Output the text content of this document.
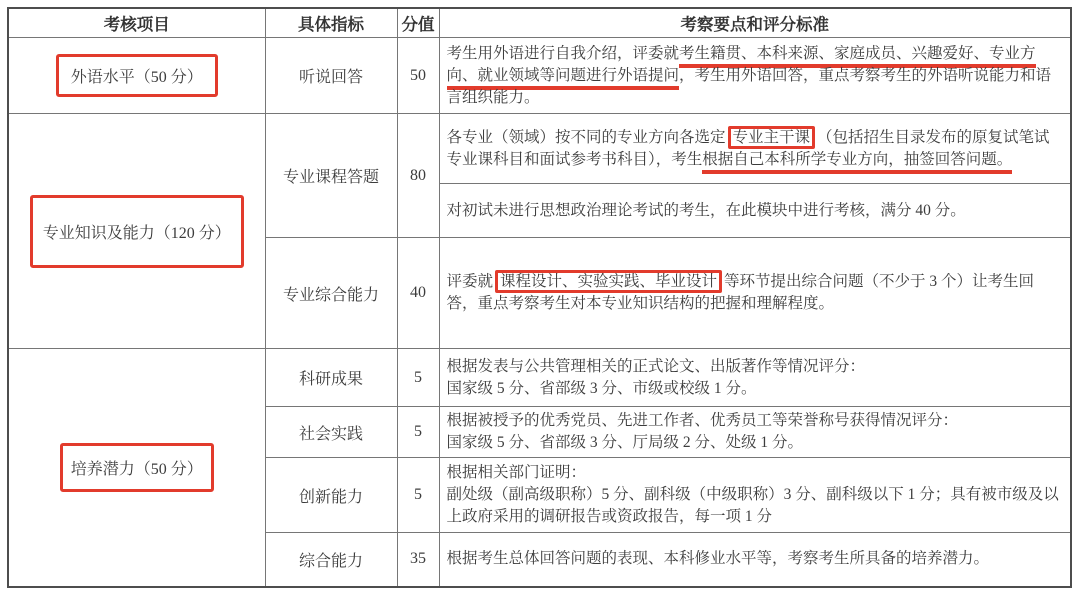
考核项目	具体指标	分值	考察要点和评分标准
外语水平（50 分）	听说回答	50	考生用外语进行自我介绍，评委就考生籍贯、本科来源、家庭成员、兴趣爱好、专业方向、就业领域等问题进行外语提问，考生用外语回答，重点考察考生的外语听说能力和语言组织能力。
专业知识及能力（120 分）	专业课程答题	80	各专业（领域）按不同的专业方向各选定 专业主干课 （包括招生目录发布的原复试笔试专业课科目和面试参考书科目），考生根据自己本科所学专业方向，抽签回答问题。
			对初试未进行思想政治理论考试的考生，在此模块中进行考核，满分 40 分。
	专业综合能力	40	评委就 课程设计、实验实践、毕业设计 等环节提出综合问题（不少于 3 个）让考生回答，重点考察考生对本专业知识结构的把握和理解程度。
培养潜力（50 分）	科研成果	5	根据发表与公共管理相关的正式论文、出版著作等情况评分：
国家级 5 分、省部级 3 分、市级或校级 1 分。
	社会实践	5	根据被授予的优秀党员、先进工作者、优秀员工等荣誉称号获得情况评分：
国家级 5 分、省部级 3 分、厅局级 2 分、处级 1 分。
	创新能力	5	根据相关部门证明：
副处级（副高级职称）5 分、副科级（中级职称）3 分、副科级以下 1 分；具有被市级及以上政府采用的调研报告或资政报告，每一项 1 分
	综合能力	35	根据考生总体回答问题的表现、本科修业水平等，考察考生所具备的培养潜力。
